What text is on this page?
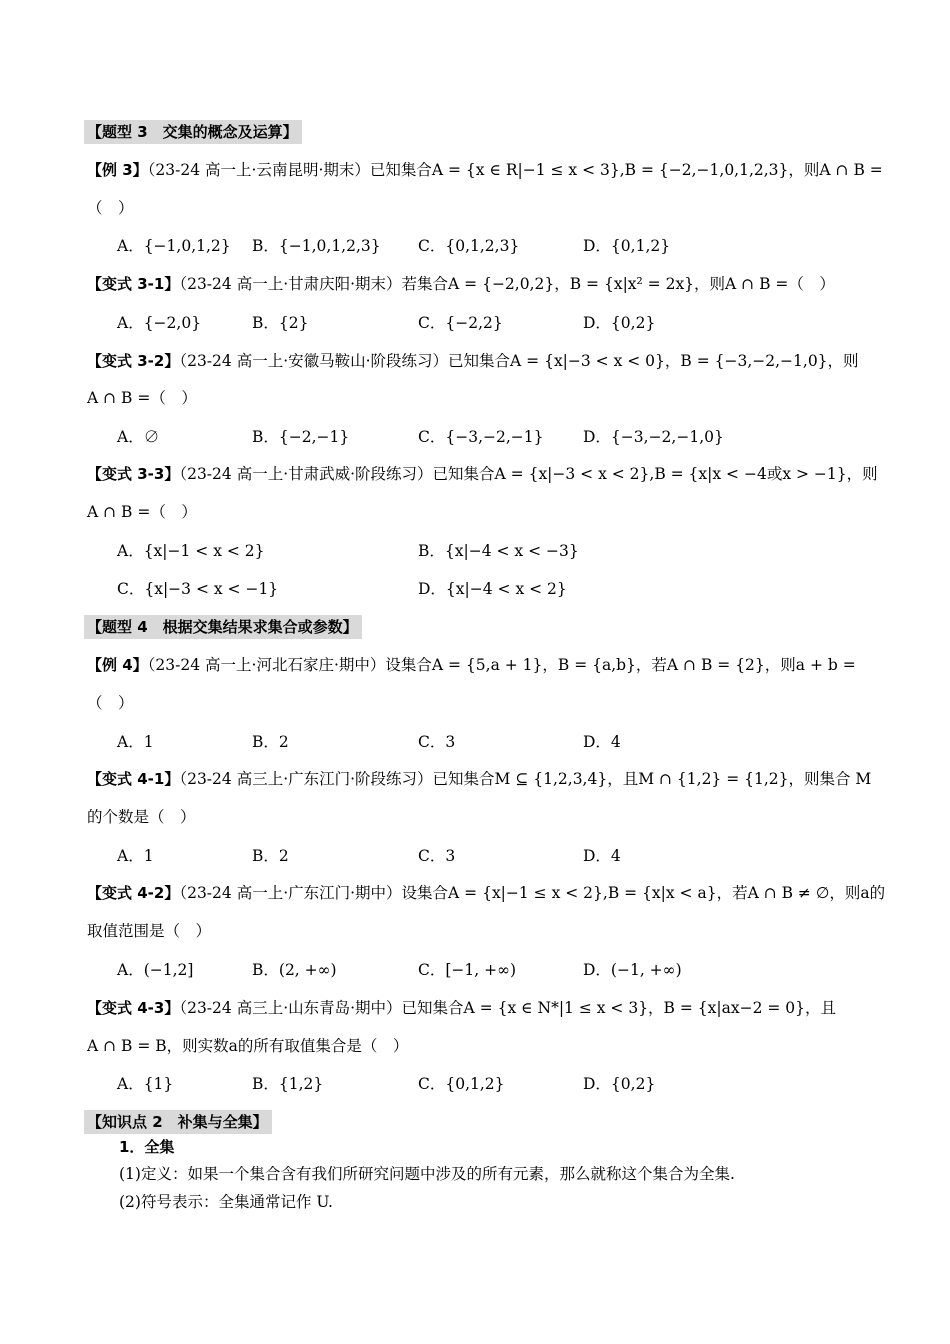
【题型 3　交集的概念及运算】
【例 3】（23-24 高一上·云南昆明·期末）已知集合A = {x ∈ R|−1 ≤ x < 3},B = {−2,−1,0,1,2,3}，则A ∩ B =
（　）
A．{−1,0,1,2} B．{−1,0,1,2,3} C．{0,1,2,3}	D．{0,1,2}
【变式 3-1】（23-24 高一上·甘肃庆阳·期末）若集合A = {−2,0,2}，B = {x|x² = 2x}，则A ∩ B =（　）
A．{−2,0}	B．{2}	C．{−2,2}	D．{0,2}
【变式 3-2】（23-24 高一上·安徽马鞍山·阶段练习）已知集合A = {x|−3 < x < 0}，B = {−3,−2,−1,0}，则
A ∩ B =（　）
A．∅	B．{−2,−1}	C．{−3,−2,−1}	D．{−3,−2,−1,0}
【变式 3-3】（23-24 高一上·甘肃武威·阶段练习）已知集合A = {x|−3 < x < 2},B = {x|x < −4或x > −1}，则
A ∩ B =（　）
A．{x|−1 < x < 2}	B．{x|−4 < x < −3}
C．{x|−3 < x < −1}	D．{x|−4 < x < 2}
【题型 4　根据交集结果求集合或参数】
【例 4】（23-24 高一上·河北石家庄·期中）设集合A = {5,a + 1}，B = {a,b}，若A ∩ B = {2}，则a + b =
（　）
A．1	B．2	C．3	D．4
【变式 4-1】（23-24 高三上·广东江门·阶段练习）已知集合M ⊆ {1,2,3,4}，且M ∩ {1,2} = {1,2}，则集合 M
的个数是（　）
A．1	B．2	C．3	D．4
【变式 4-2】（23-24 高一上·广东江门·期中）设集合A = {x|−1 ≤ x < 2},B = {x|x < a}，若A ∩ B ≠ ∅，则a的
取值范围是（　）
A．(−1,2]	B．(2, +∞)	C．[−1, +∞)	D．(−1, +∞)
【变式 4-3】（23-24 高三上·山东青岛·期中）已知集合A = {x ∈ N*|1 ≤ x < 3}，B = {x|ax−2 = 0}，且
A ∩ B = B，则实数a的所有取值集合是（　）
A．{1}	B．{1,2}	C．{0,1,2}	D．{0,2}
【知识点 2　补集与全集】
1．全集
(1)定义：如果一个集合含有我们所研究问题中涉及的所有元素，那么就称这个集合为全集.
(2)符号表示：全集通常记作 U.
